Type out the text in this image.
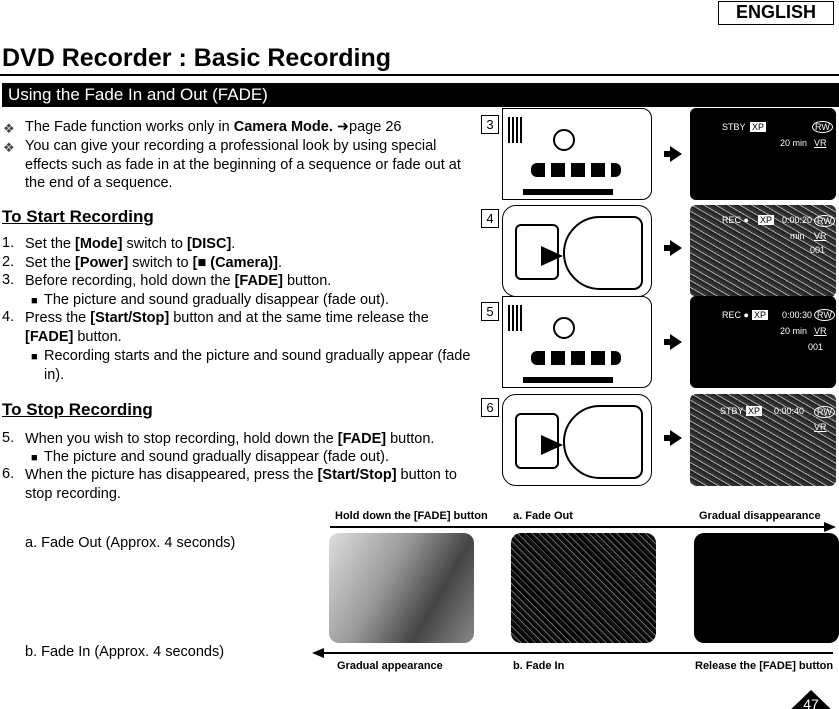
ENGLISH
DVD Recorder : Basic Recording
Using the Fade In and Out (FADE)
❖ The Fade function works only in Camera Mode. ➜page 26
❖ You can give your recording a professional look by using special
effects such as fade in at the beginning of a sequence or fade out at
the end of a sequence.
To Start Recording
1. Set the [Mode] switch to [DISC].
2. Set the [Power] switch to [■ (Camera)].
3. Before recording, hold down the [FADE] button.
■ The picture and sound gradually disappear (fade out).
4. Press the [Start/Stop] button and at the same time release the
[FADE] button.
■ Recording starts and the picture and sound gradually appear (fade
in).
To Stop Recording
5. When you wish to stop recording, hold down the [FADE] button.
■ The picture and sound gradually disappear (fade out).
6. When the picture has disappeared, press the [Start/Stop] button to
stop recording.
a. Fade Out (Approx. 4 seconds)
b. Fade In (Approx. 4 seconds)
3	STBY XP	RW
20 min VR
4	REC ● XP 0:00:20 RW
min VR
001
5	REC ● XP 0:00:30 RW
20 min VR
001
6	STBY XP 0:00:40	RW
VR
Hold down the [FADE] button a. Fade Out	Gradual disappearance
Gradual appearance	b. Fade In	Release the [FADE] button
47
